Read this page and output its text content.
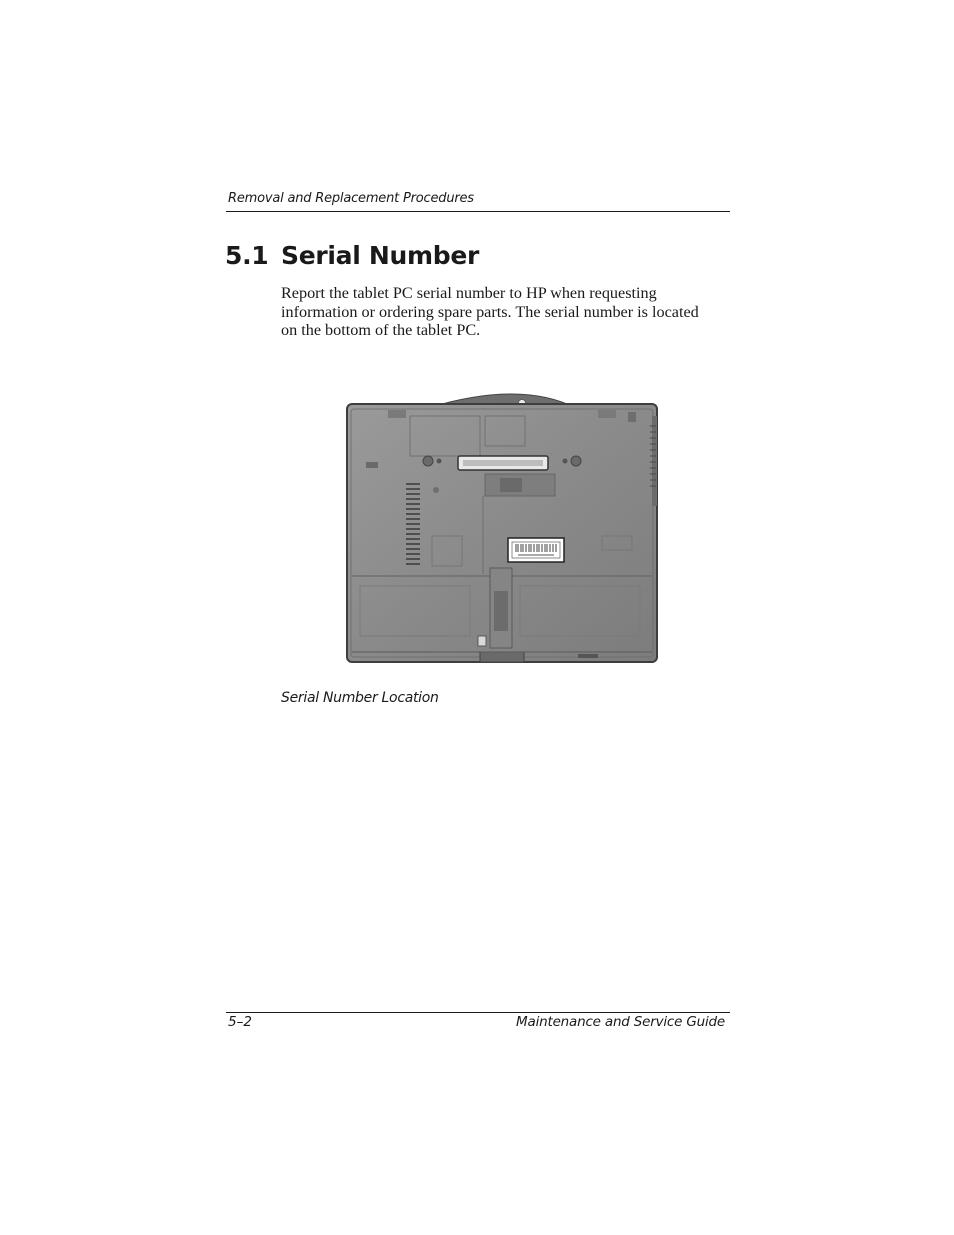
Removal and Replacement Procedures
5.1 Serial Number

Report the tablet PC serial number to HP when requesting information or ordering spare parts. The serial number is located on the bottom of the tablet PC.

Serial Number Location
5–2	Maintenance and Service Guide
